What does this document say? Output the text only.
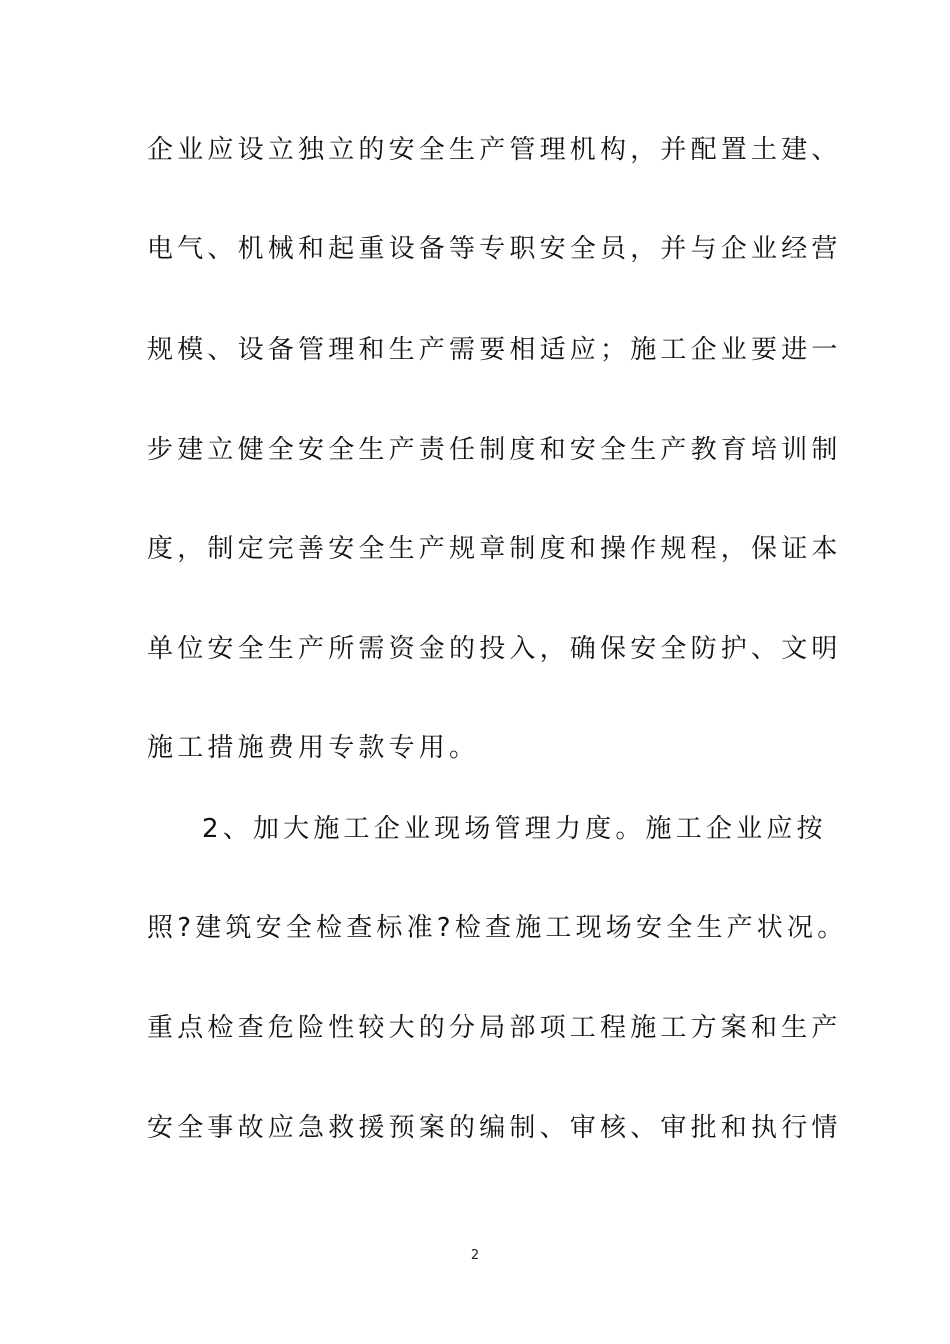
企业应设立独立的安全生产管理机构，并配置土建、
电气、机械和起重设备等专职安全员，并与企业经营
规模、设备管理和生产需要相适应；施工企业要进一
步建立健全安全生产责任制度和安全生产教育培训制
度，制定完善安全生产规章制度和操作规程，保证本
单位安全生产所需资金的投入，确保安全防护、文明
施工措施费用专款专用。
2、加大施工企业现场管理力度。施工企业应按
照?建筑安全检查标准?检查施工现场安全生产状况。
重点检查危险性较大的分局部项工程施工方案和生产
安全事故应急救援预案的编制、审核、审批和执行情
2
